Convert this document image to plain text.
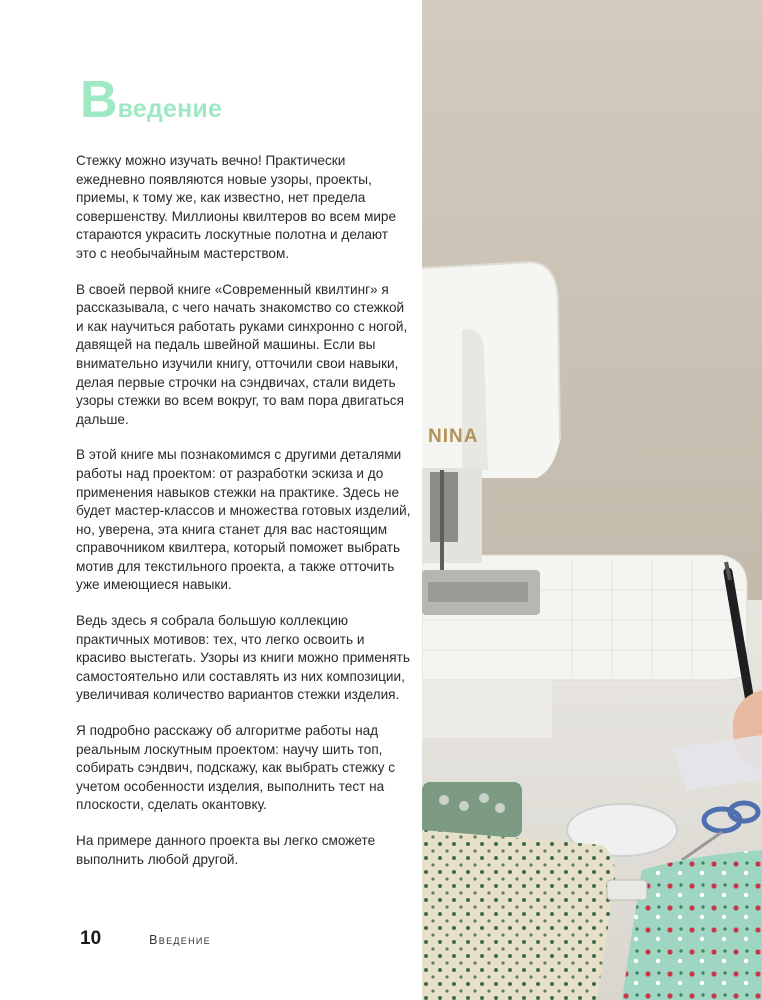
Введение

Стежку можно изучать вечно! Практически ежедневно появляются новые узоры, проекты, приемы, к тому же, как известно, нет предела совершенству. Миллионы квилтеров во всем мире стараются украсить лоскутные полотна и делают это с необычайным мастерством.

В своей первой книге «Современный квилтинг» я рассказывала, с чего начать знакомство со стежкой и как научиться работать руками синхронно с ногой, давящей на педаль швейной машины. Если вы внимательно изучили книгу, отточили свои навыки, делая первые строчки на сэндвичах, стали видеть узоры стежки во всем вокруг, то вам пора двигаться дальше.

В этой книге мы познакомимся с другими деталями работы над проектом: от разработки эскиза и до применения навыков стежки на практике. Здесь не будет мастер-классов и множества готовых изделий, но, уверена, эта книга станет для вас настоящим справочником квилтера, который поможет выбрать мотив для текстильного проекта, а также отточить уже имеющиеся навыки.

Ведь здесь я собрала большую коллекцию практичных мотивов: тех, что легко освоить и красиво выстегать. Узоры из книги можно применять самостоятельно или составлять из них композиции, увеличивая количество вариантов стежки изделия.

Я подробно расскажу об алгоритме работы над реальным лоскутным проектом: научу шить топ, собирать сэндвич, подскажу, как выбрать стежку с учетом особенности изделия, выполнить тест на плоскости, сделать окантовку.

На примере данного проекта вы легко сможете выполнить любой другой.

10	Введение
NINA
